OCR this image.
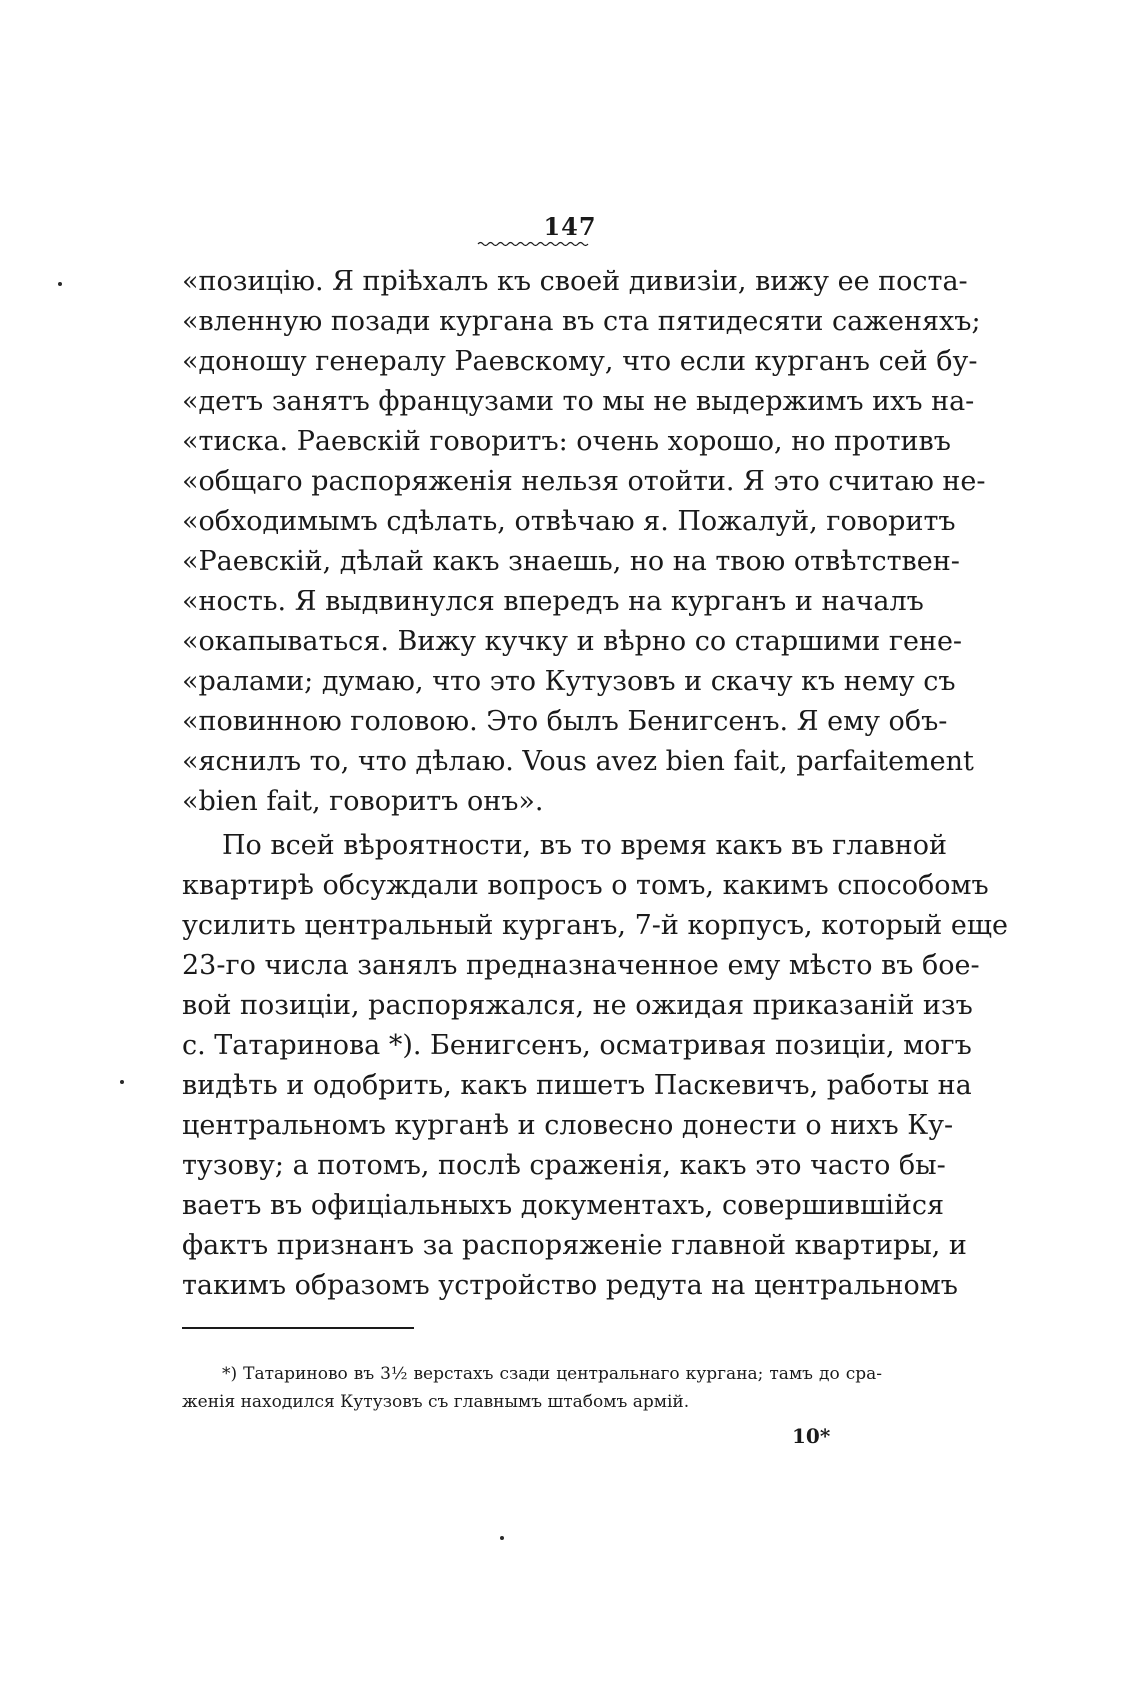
147
«позицію. Я пріѣхалъ къ своей дивизіи, вижу ее поста-
«вленную позади кургана въ ста пятидесяти саженяхъ;
«доношу генералу Раевскому, что если курганъ сей бу-
«детъ занятъ французами то мы не выдержимъ ихъ на-
«тиска. Раевскій говоритъ: очень хорошо, но противъ
«общаго распоряженія нельзя отойти. Я это считаю не-
«обходимымъ сдѣлать, отвѣчаю я. Пожалуй, говоритъ
«Раевскій, дѣлай какъ знаешь, но на твою отвѣтствен-
«ность. Я выдвинулся впередъ на курганъ и началъ
«окапываться. Вижу кучку и вѣрно со старшими гене-
«ралами; думаю, что это Кутузовъ и скачу къ нему съ
«повинною головою. Это былъ Бенигсенъ. Я ему объ-
«яснилъ то, что дѣлаю. Vous avez bien fait, parfaitement
«bien fait, говоритъ онъ».
По всей вѣроятности, въ то время какъ въ главной
квартирѣ обсуждали вопросъ о томъ, какимъ способомъ
усилить центральный курганъ, 7-й корпусъ, который еще
23-го числа занялъ предназначенное ему мѣсто въ бое-
вой позиціи, распоряжался, не ожидая приказаній изъ
с. Татаринова *). Бенигсенъ, осматривая позиціи, могъ
видѣть и одобрить, какъ пишетъ Паскевичъ, работы на
центральномъ курганѣ и словесно донести о нихъ Ку-
тузову; а потомъ, послѣ сраженія, какъ это часто бы-
ваетъ въ офиціальныхъ документахъ, совершившійся
фактъ признанъ за распоряженіе главной квартиры, и
такимъ образомъ устройство редута на центральномъ
*) Татариново въ 3½ верстахъ сзади центральнаго кургана; тамъ до сра-
женія находился Кутузовъ съ главнымъ штабомъ армій.
10*
